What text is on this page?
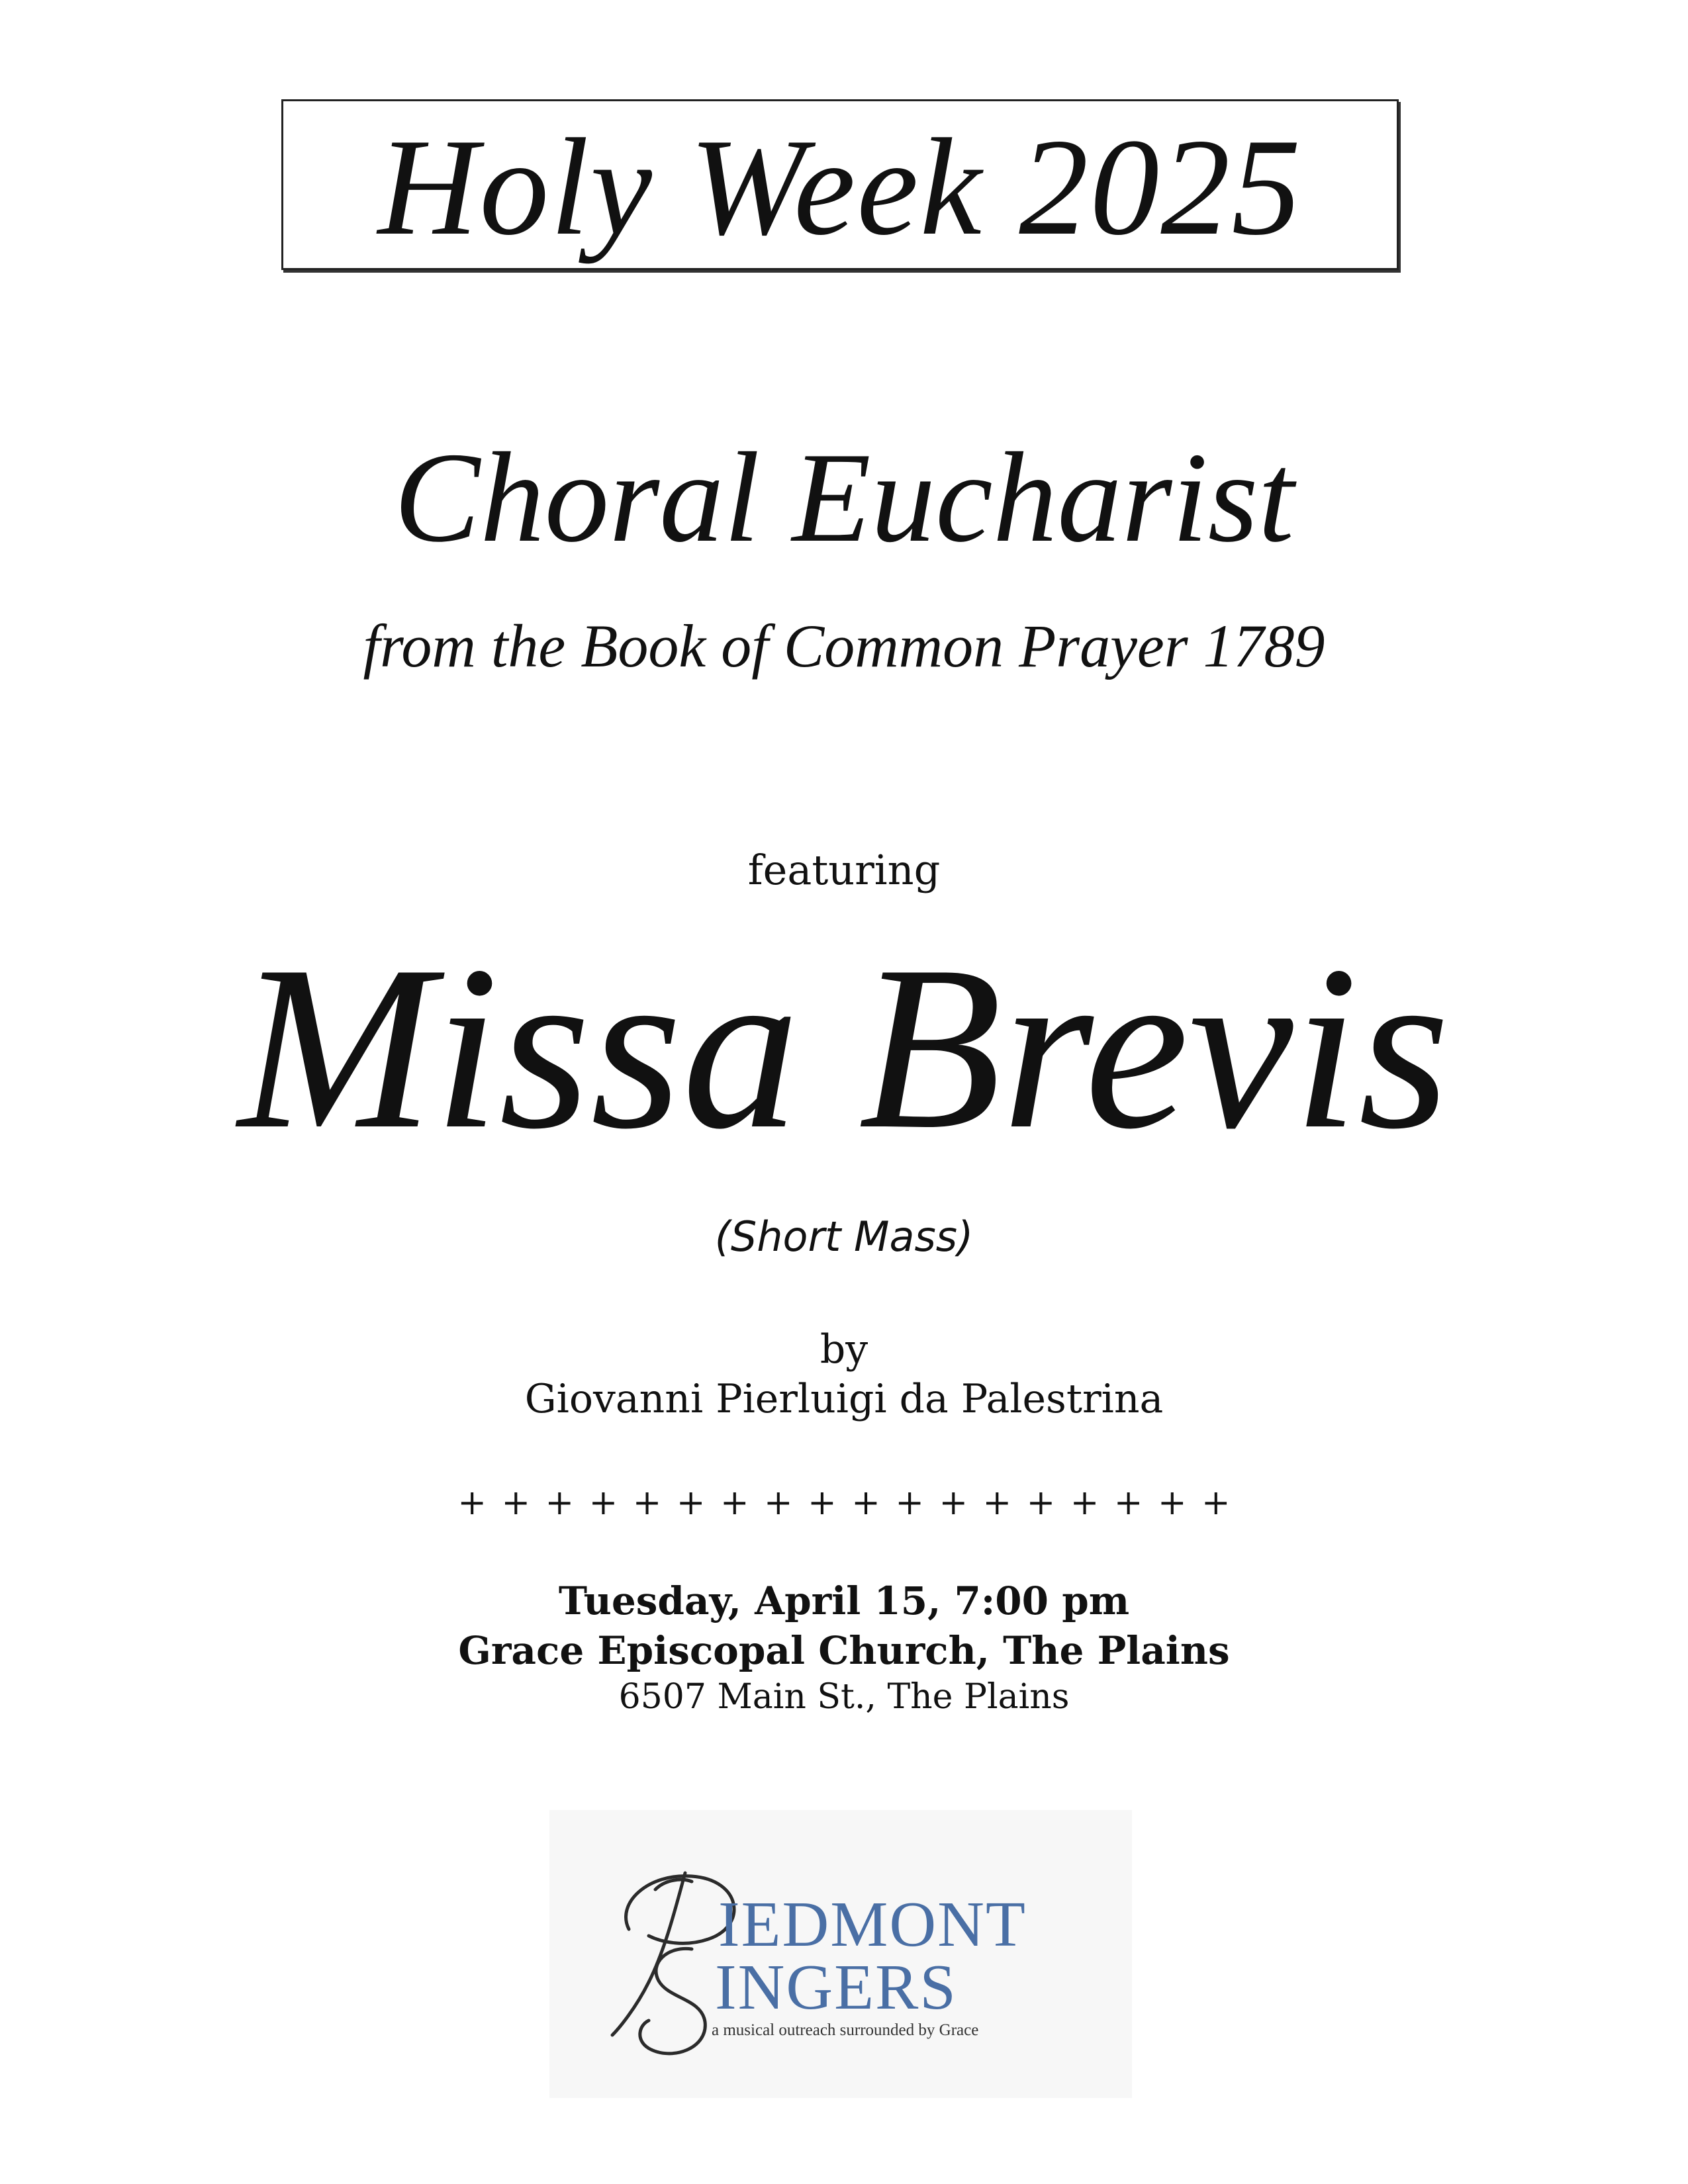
Holy Week 2025
Choral Eucharist
from the Book of Common Prayer 1789
featuring
Missa Brevis
(Short Mass)
by
Giovanni Pierluigi da Palestrina
+ + + + + + + + + + + + + + + + + +
Tuesday, April 15, 7:00 pm
Grace Episcopal Church, The Plains
6507 Main St., The Plains
IEDMONT
INGERS
a musical outreach surrounded by Grace
